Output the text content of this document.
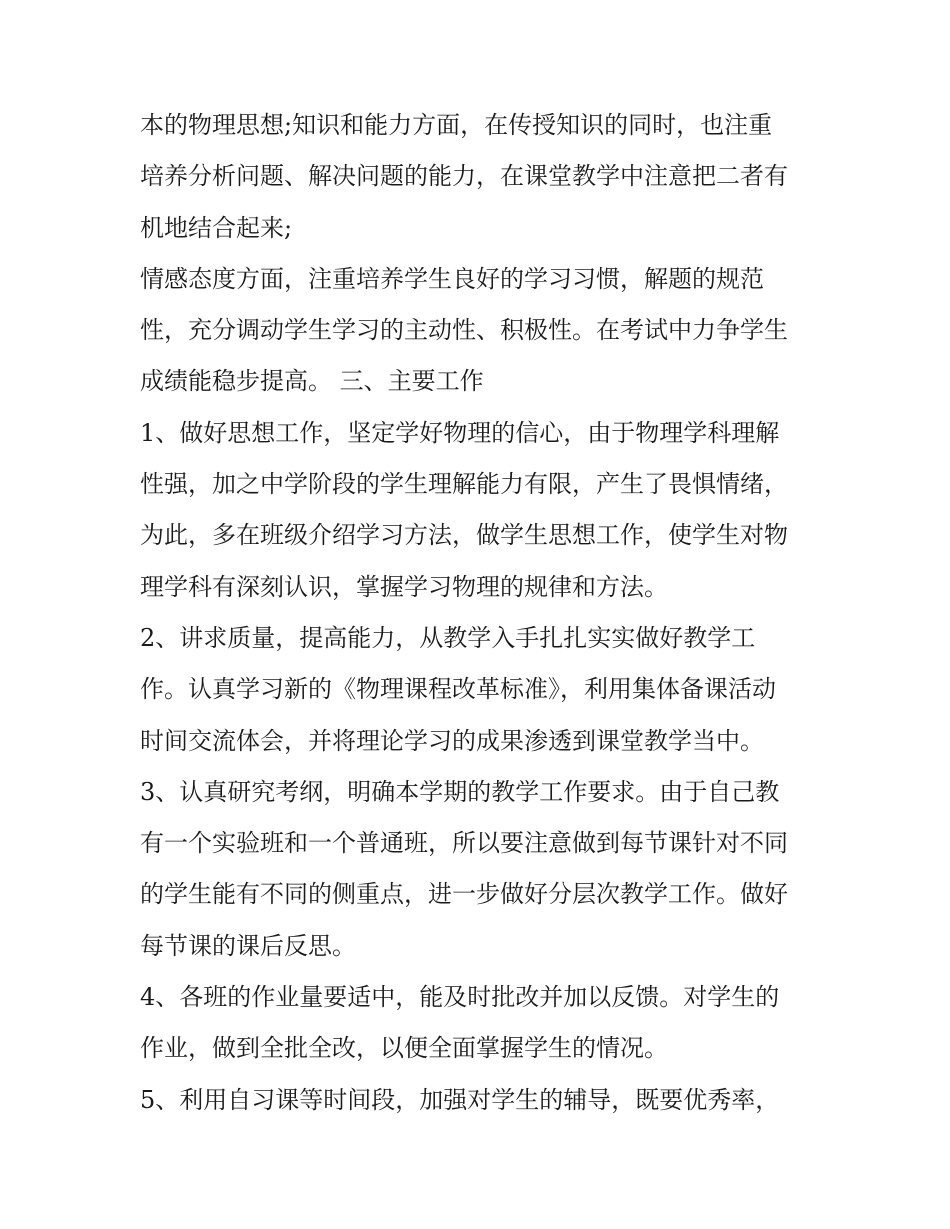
本的物理思想;知识和能力方面，在传授知识的同时，也注重
培养分析问题、解决问题的能力，在课堂教学中注意把二者有
机地结合起来;
情感态度方面，注重培养学生良好的学习习惯，解题的规范
性，充分调动学生学习的主动性、积极性。在考试中力争学生
成绩能稳步提高。 三、主要工作
1、做好思想工作，坚定学好物理的信心，由于物理学科理解
性强，加之中学阶段的学生理解能力有限，产生了畏惧情绪，
为此，多在班级介绍学习方法，做学生思想工作，使学生对物
理学科有深刻认识，掌握学习物理的规律和方法。
2、讲求质量，提高能力，从教学入手扎扎实实做好教学工
作。认真学习新的《物理课程改革标准》，利用集体备课活动
时间交流体会，并将理论学习的成果渗透到课堂教学当中。
3、认真研究考纲，明确本学期的教学工作要求。由于自己教
有一个实验班和一个普通班，所以要注意做到每节课针对不同
的学生能有不同的侧重点，进一步做好分层次教学工作。做好
每节课的课后反思。
4、各班的作业量要适中，能及时批改并加以反馈。对学生的
作业，做到全批全改，以便全面掌握学生的情况。
5、利用自习课等时间段，加强对学生的辅导，既要优秀率，
